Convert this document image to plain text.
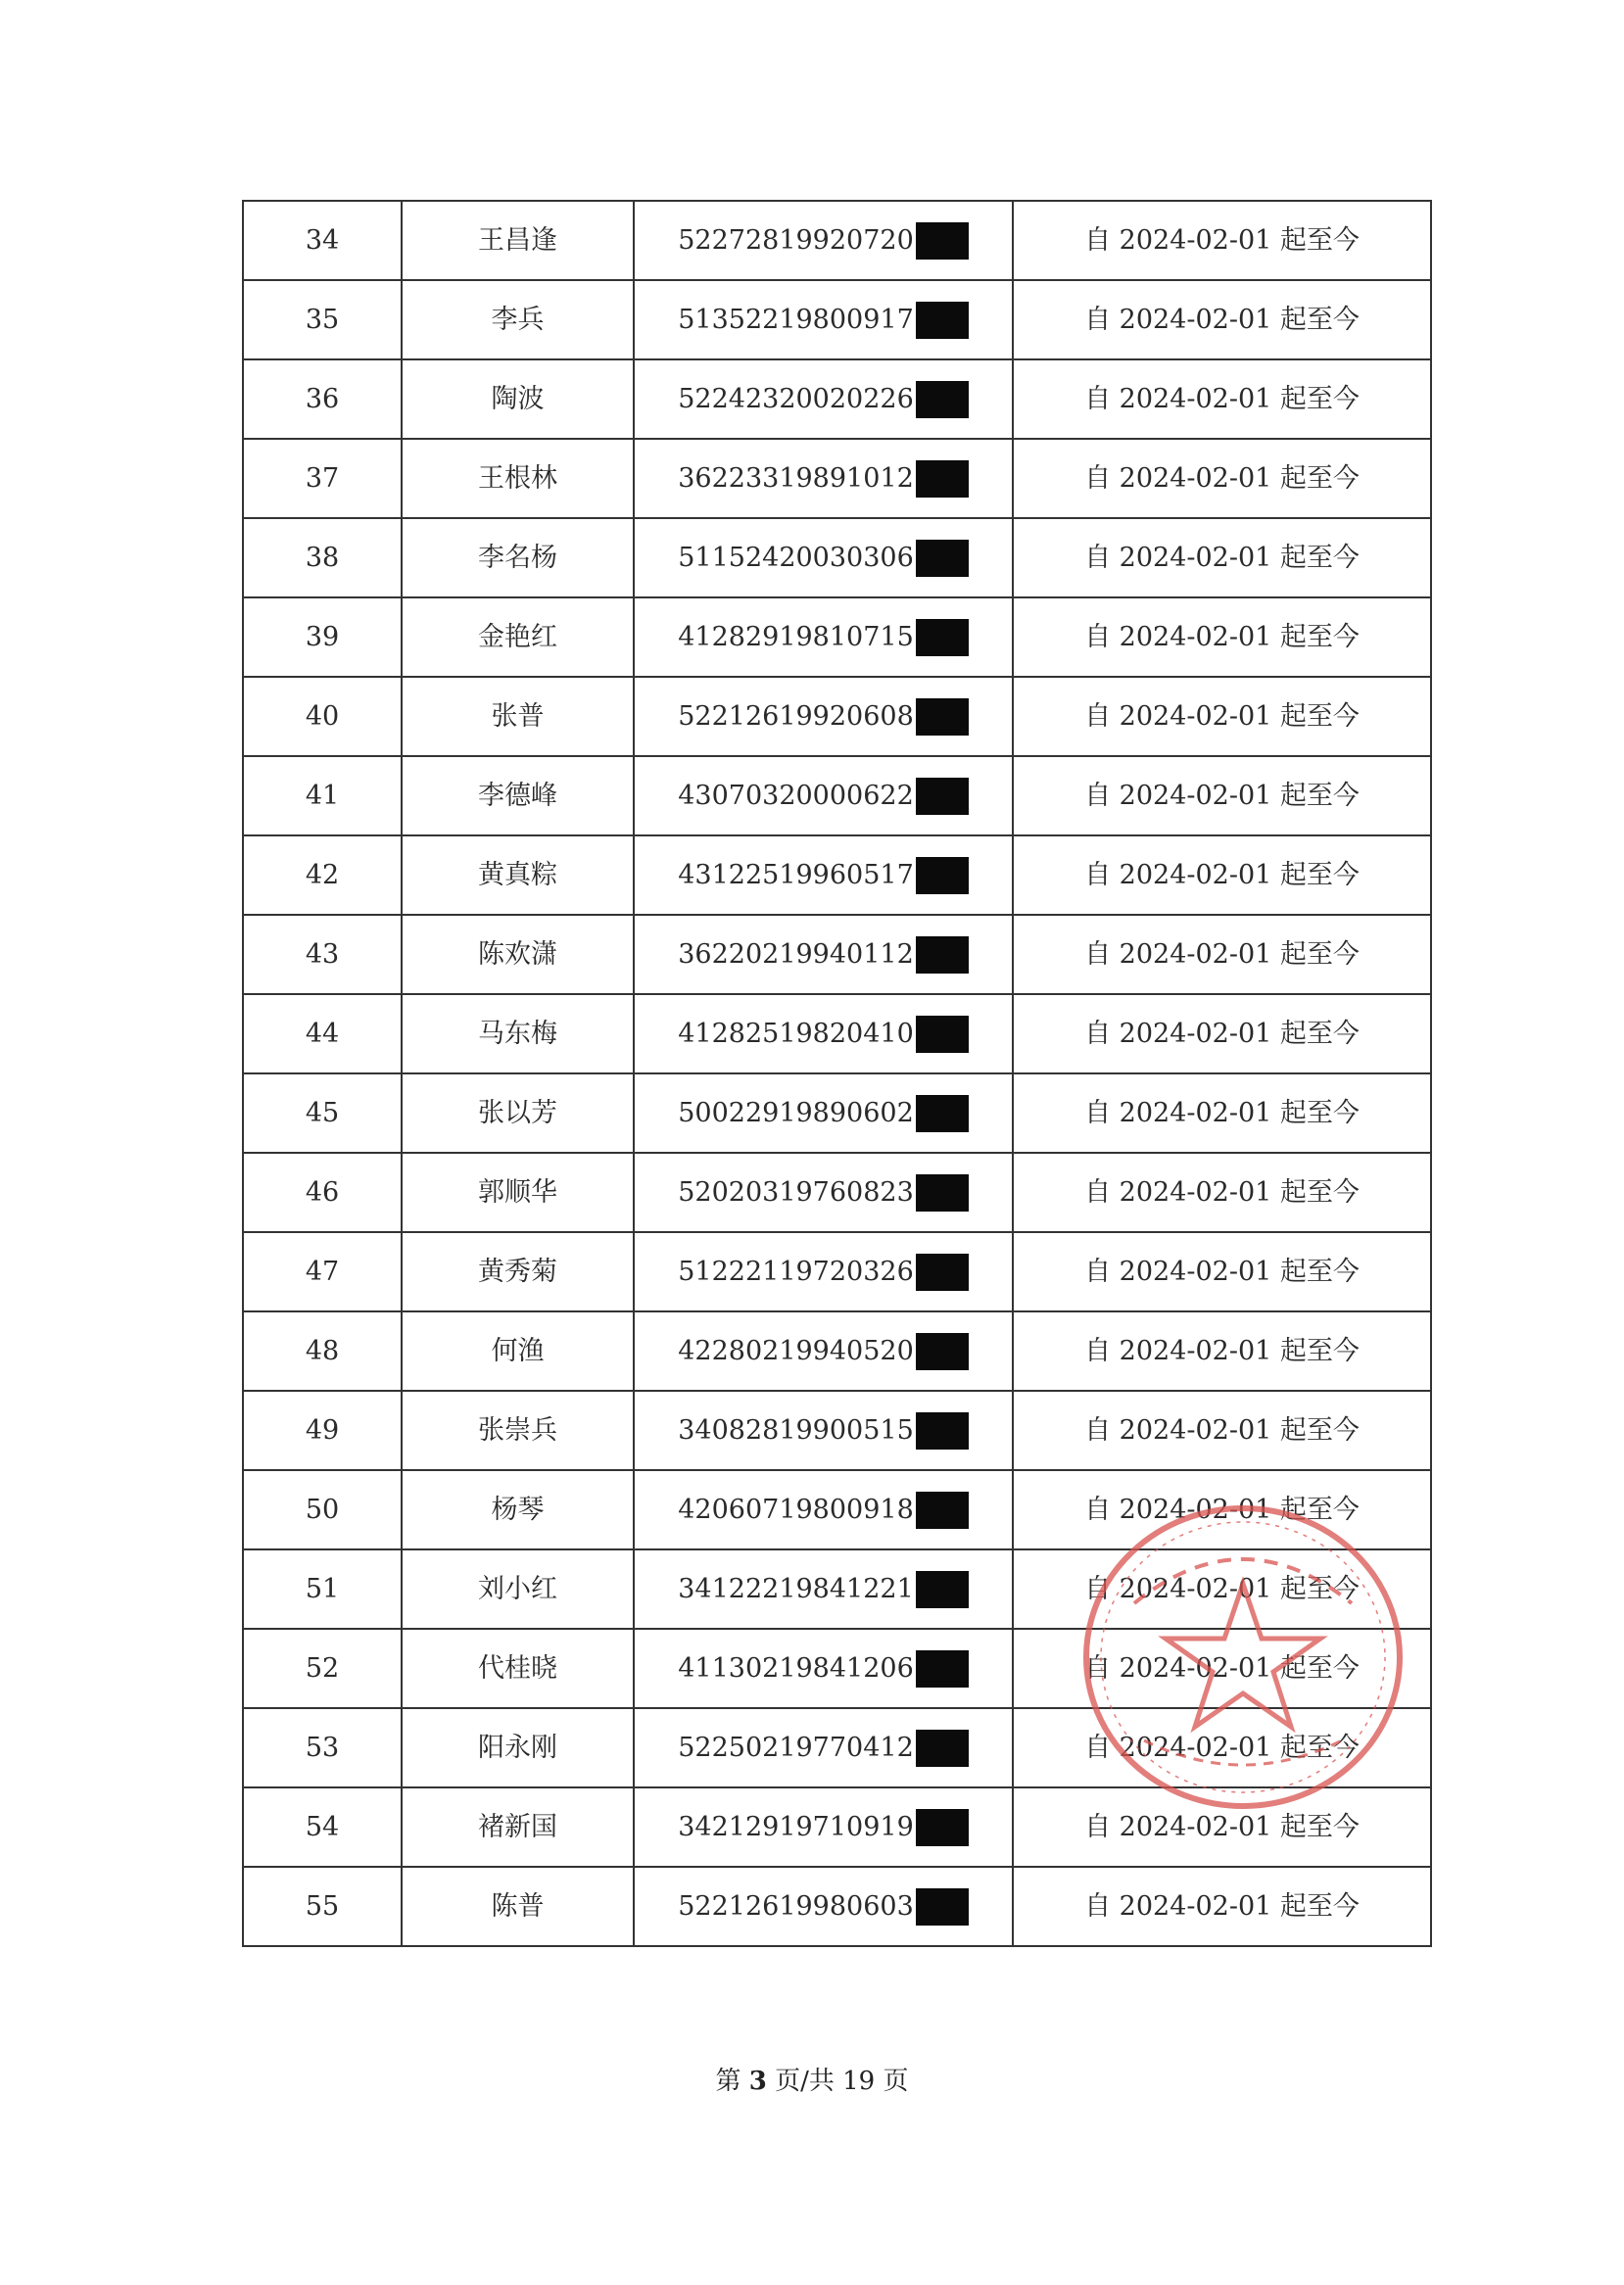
34	王昌逢	52272819920720	自 2024-02-01 起至今
35	李兵	51352219800917	自 2024-02-01 起至今
36	陶波	52242320020226	自 2024-02-01 起至今
37	王根林	36223319891012	自 2024-02-01 起至今
38	李名杨	51152420030306	自 2024-02-01 起至今
39	金艳红	41282919810715	自 2024-02-01 起至今
40	张普	52212619920608	自 2024-02-01 起至今
41	李德峰	43070320000622	自 2024-02-01 起至今
42	黄真粽	43122519960517	自 2024-02-01 起至今
43	陈欢潇	36220219940112	自 2024-02-01 起至今
44	马东梅	41282519820410	自 2024-02-01 起至今
45	张以芳	50022919890602	自 2024-02-01 起至今
46	郭顺华	52020319760823	自 2024-02-01 起至今
47	黄秀菊	51222119720326	自 2024-02-01 起至今
48	何渔	42280219940520	自 2024-02-01 起至今
49	张崇兵	34082819900515	自 2024-02-01 起至今
50	杨琴	42060719800918	自 2024-02-01 起至今
51	刘小红	34122219841221	自 2024-02-01 起至今
52	代桂晓	41130219841206	自 2024-02-01 起至今
53	阳永刚	52250219770412	自 2024-02-01 起至今
54	褚新国	34212919710919	自 2024-02-01 起至今
55	陈普	52212619980603	自 2024-02-01 起至今
第 3 页/共 19 页
